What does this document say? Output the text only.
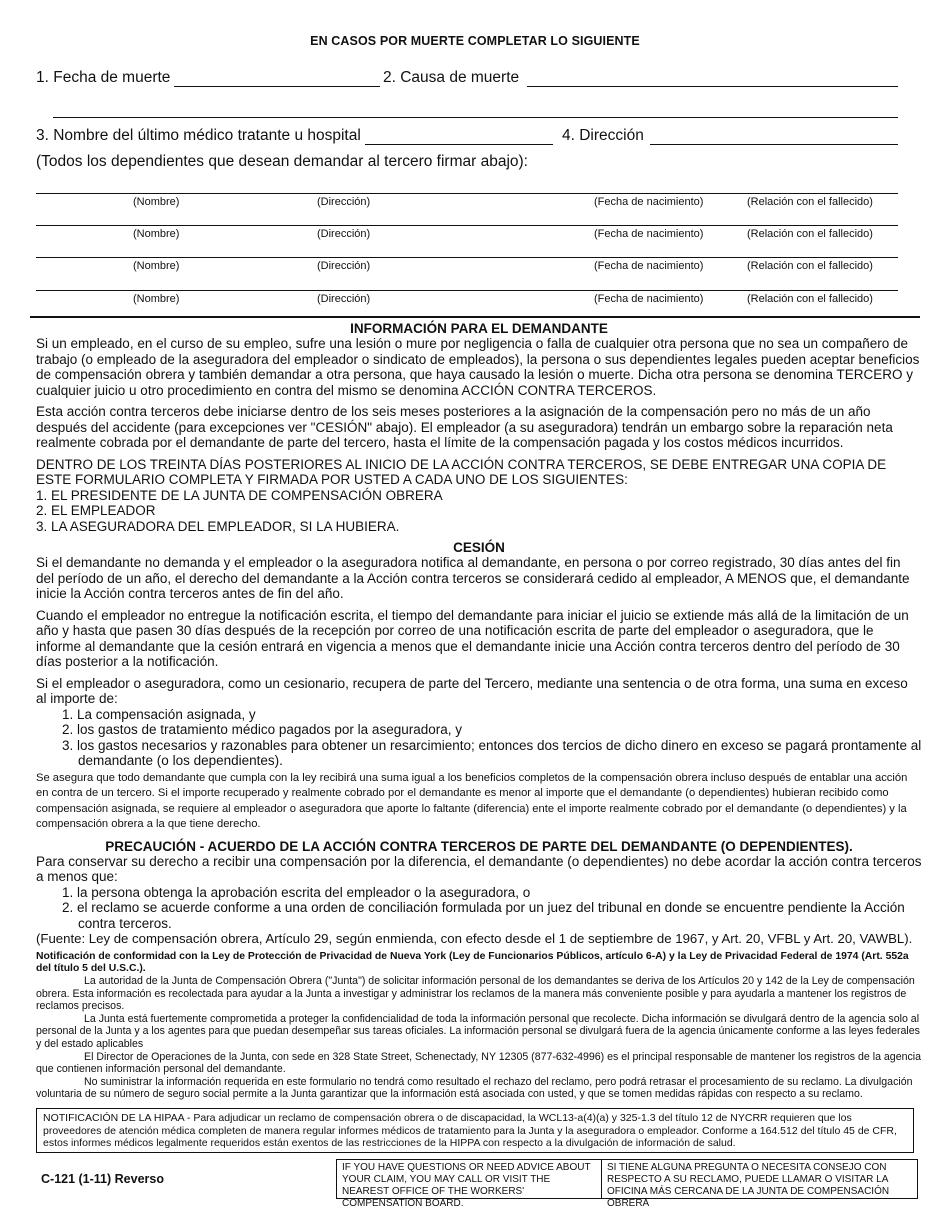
EN CASOS POR MUERTE COMPLETAR LO SIGUIENTE
1. Fecha de muerte	2. Causa de muerte
3. Nombre del último médico tratante u hospital	4. Dirección
(Todos los dependientes que desean demandar al tercero firmar abajo):
(Nombre)	(Dirección)	(Fecha de nacimiento)	(Relación con el fallecido)
(Nombre)	(Dirección)	(Fecha de nacimiento)	(Relación con el fallecido)
(Nombre)	(Dirección)	(Fecha de nacimiento)	(Relación con el fallecido)
(Nombre)	(Dirección)	(Fecha de nacimiento)	(Relación con el fallecido)
INFORMACIÓN PARA EL DEMANDANTE
Si un empleado, en el curso de su empleo, sufre una lesión o mure por negligencia o falla de cualquier otra persona que no sea un compañero de trabajo (o empleado de la aseguradora del empleador o sindicato de empleados), la persona o sus dependientes legales pueden aceptar beneficios de compensación obrera y también demandar a otra persona, que haya causado la lesión o muerte. Dicha otra persona se denomina TERCERO y cualquier juicio u otro procedimiento en contra del mismo se denomina ACCIÓN CONTRA TERCEROS.
Esta acción contra terceros debe iniciarse dentro de los seis meses posteriores a la asignación de la compensación pero no más de un año después del accidente (para excepciones ver "CESIÓN" abajo). El empleador (a su aseguradora) tendrán un embargo sobre la reparación neta realmente cobrada por el demandante de parte del tercero, hasta el límite de la compensación pagada y los costos médicos incurridos.
DENTRO DE LOS TREINTA DÍAS POSTERIORES AL INICIO DE LA ACCIÓN CONTRA TERCEROS, SE DEBE ENTREGAR UNA COPIA DE ESTE FORMULARIO COMPLETA Y FIRMADA POR USTED A CADA UNO DE LOS SIGUIENTES:
1. EL PRESIDENTE DE LA JUNTA DE COMPENSACIÓN OBRERA
2. EL EMPLEADOR
3. LA ASEGURADORA DEL EMPLEADOR, SI LA HUBIERA.
CESIÓN
Si el demandante no demanda y el empleador o la aseguradora notifica al demandante, en persona o por correo registrado, 30 días antes del fin del período de un año, el derecho del demandante a la Acción contra terceros se considerará cedido al empleador, A MENOS que, el demandante inicie la Acción contra terceros antes de fin del año.
Cuando el empleador no entregue la notificación escrita, el tiempo del demandante para iniciar el juicio se extiende más allá de la limitación de un año y hasta que pasen 30 días después de la recepción por correo de una notificación escrita de parte del empleador o aseguradora, que le informe al demandante que la cesión entrará en vigencia a menos que el demandante inicie una Acción contra terceros dentro del período de 30 días posterior a la notificación.
Si el empleador o aseguradora, como un cesionario, recupera de parte del Tercero, mediante una sentencia o de otra forma, una suma en exceso al importe de:
1. La compensación asignada, y
2. los gastos de tratamiento médico pagados por la aseguradora, y
3. los gastos necesarios y razonables para obtener un resarcimiento; entonces dos tercios de dicho dinero en exceso se pagará prontamente al demandante (o los dependientes).
Se asegura que todo demandante que cumpla con la ley recibirá una suma igual a los beneficios completos de la compensación obrera incluso después de entablar una acción en contra de un tercero. Si el importe recuperado y realmente cobrado por el demandante es menor al importe que el demandante (o dependientes) hubieran recibido como compensación asignada, se requiere al empleador o aseguradora que aporte lo faltante (diferencia) ente el importe realmente cobrado por el demandante (o dependientes) y la compensación obrera a la que tiene derecho.
PRECAUCIÓN - ACUERDO DE LA ACCIÓN CONTRA TERCEROS DE PARTE DEL DEMANDANTE (O DEPENDIENTES).
Para conservar su derecho a recibir una compensación por la diferencia, el demandante (o dependientes) no debe acordar la acción contra terceros a menos que:
1. la persona obtenga la aprobación escrita del empleador o la aseguradora, o
2. el reclamo se acuerde conforme a una orden de conciliación formulada por un juez del tribunal en donde se encuentre pendiente la Acción contra terceros.
(Fuente: Ley de compensación obrera, Artículo 29, según enmienda, con efecto desde el 1 de septiembre de 1967, y Art. 20, VFBL y Art. 20, VAWBL).
Notificación de conformidad con la Ley de Protección de Privacidad de Nueva York (Ley de Funcionarios Públicos, artículo 6-A) y la Ley de Privacidad Federal de 1974 (Art. 552a del título 5 del U.S.C.).
La autoridad de la Junta de Compensación Obrera ("Junta") de solicitar información personal de los demandantes se deriva de los Artículos 20 y 142 de la Ley de compensación obrera. Esta información es recolectada para ayudar a la Junta a investigar y administrar los reclamos de la manera más conveniente posible y para ayudarla a mantener los registros de reclamos precisos.
La Junta está fuertemente comprometida a proteger la confidencialidad de toda la información personal que recolecte. Dicha información se divulgará dentro de la agencia solo al personal de la Junta y a los agentes para que puedan desempeñar sus tareas oficiales. La información personal se divulgará fuera de la agencia únicamente conforme a las leyes federales y del estado aplicables
El Director de Operaciones de la Junta, con sede en 328 State Street, Schenectady, NY 12305 (877-632-4996) es el principal responsable de mantener los registros de la agencia que contienen información personal del demandante.
No suministrar la información requerida en este formulario no tendrá como resultado el rechazo del reclamo, pero podrá retrasar el procesamiento de su reclamo. La divulgación voluntaria de su número de seguro social permite a la Junta garantizar que la información está asociada con usted, y que se tomen medidas rápidas con respecto a su reclamo.
NOTIFICACIÓN DE LA HIPAA - Para adjudicar un reclamo de compensación obrera o de discapacidad, la WCL13-a(4)(a) y 325-1.3 del título 12 de NYCRR requieren que los proveedores de atención médica completen de manera regular informes médicos de tratamiento para la Junta y la aseguradora o empleador. Conforme a 164.512 del título 45 de CFR, estos informes médicos legalmente requeridos están exentos de las restricciones de la HIPPA con respecto a la divulgación de información de salud.
C-121 (1-11) Reverso
IF YOU HAVE QUESTIONS OR NEED ADVICE ABOUT YOUR CLAIM, YOU MAY CALL OR VISIT THE NEAREST OFFICE OF THE WORKERS' COMPENSATION BOARD.
SI TIENE ALGUNA PREGUNTA O NECESITA CONSEJO CON RESPECTO A SU RECLAMO, PUEDE LLAMAR O VISITAR LA OFICINA MÁS CERCANA DE LA JUNTA DE COMPENSACIÓN OBRERA
